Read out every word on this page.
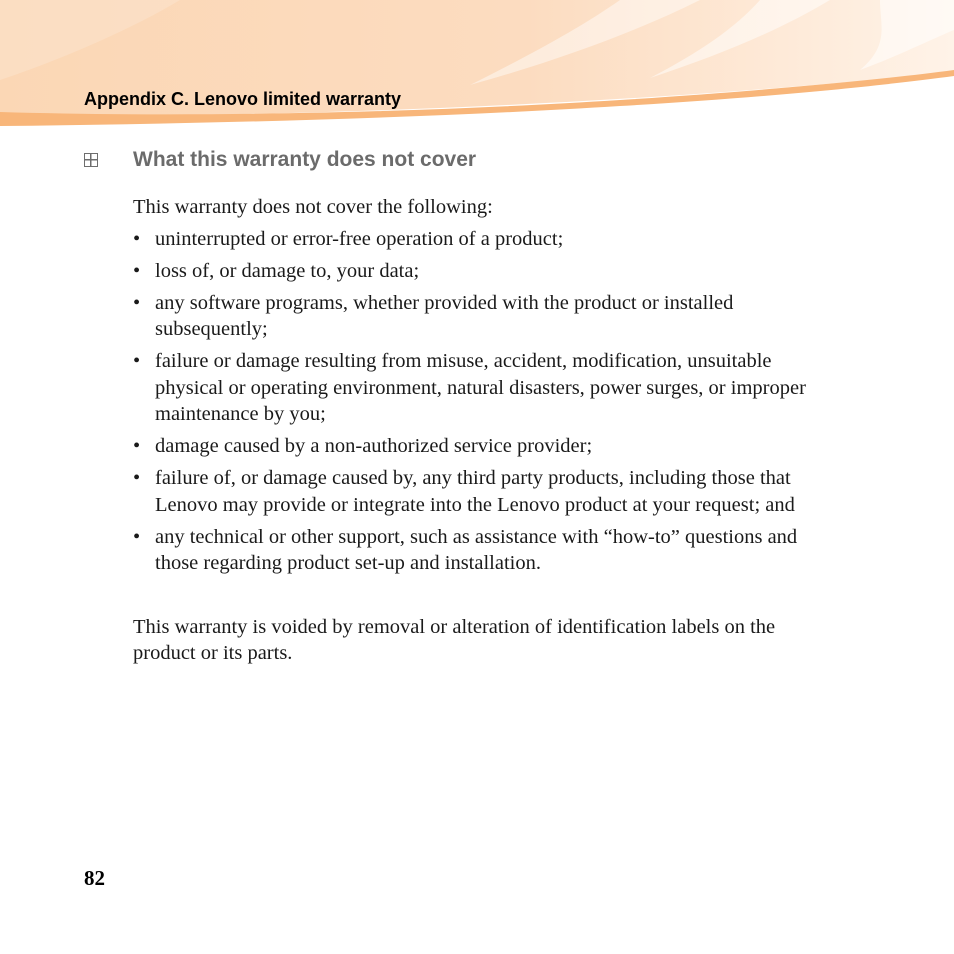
Appendix C. Lenovo limited warranty
What this warranty does not cover

This warranty does not cover the following:

• uninterrupted or error-free operation of a product;
• loss of, or damage to, your data;
• any software programs, whether provided with the product or installed subsequently;
• failure or damage resulting from misuse, accident, modification, unsuitable physical or operating environment, natural disasters, power surges, or improper maintenance by you;
• damage caused by a non-authorized service provider;
• failure of, or damage caused by, any third party products, including those that Lenovo may provide or integrate into the Lenovo product at your request; and
• any technical or other support, such as assistance with “how-to” questions and those regarding product set-up and installation.

This warranty is voided by removal or alteration of identification labels on the product or its parts.

82
